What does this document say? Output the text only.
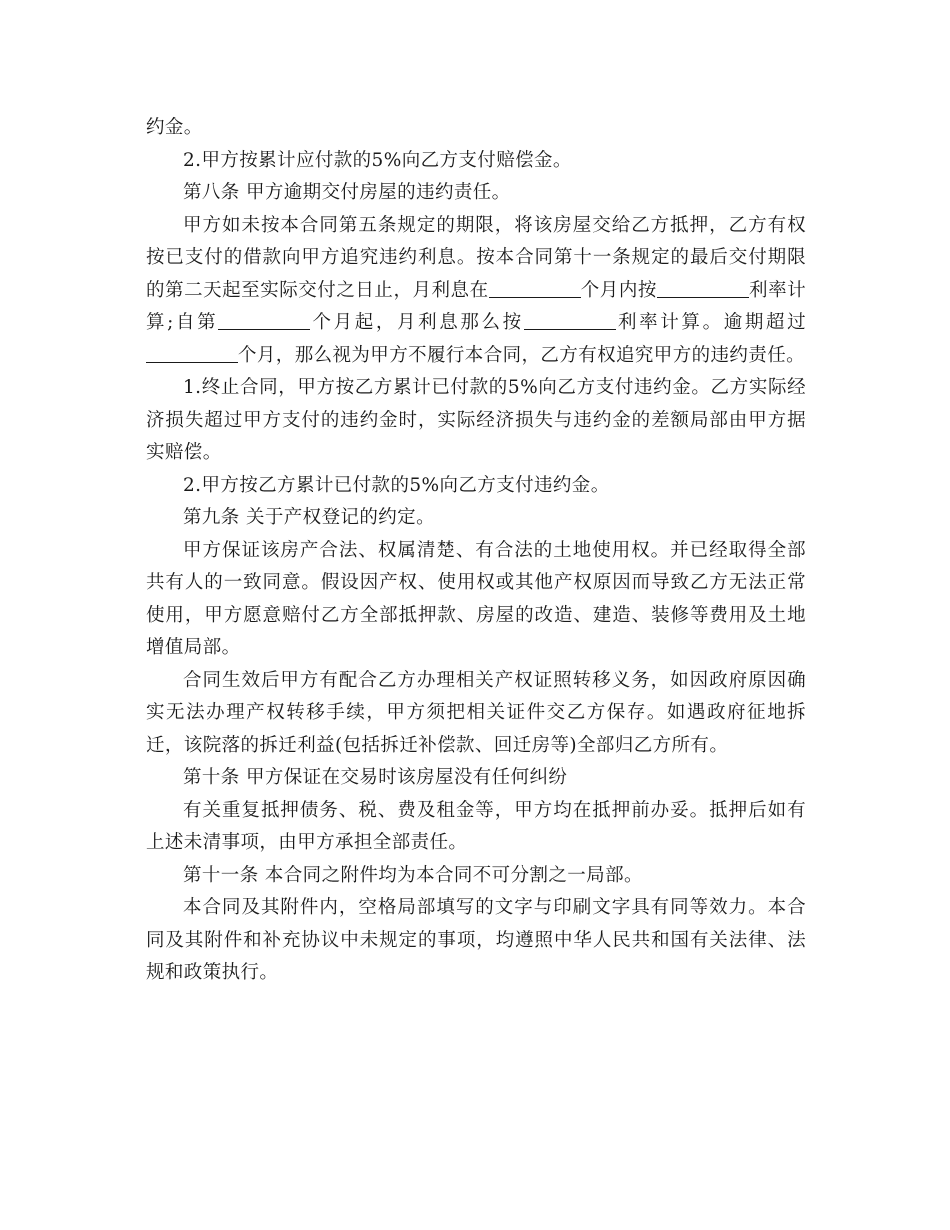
约金。

2.甲方按累计应付款的5%向乙方支付赔偿金。

第八条 甲方逾期交付房屋的违约责任。

甲方如未按本合同第五条规定的期限，将该房屋交给乙方抵押，乙方有权按已支付的借款向甲方追究违约利息。按本合同第十一条规定的最后交付期限的第二天起至实际交付之日止，月利息在	个月内按	利率计算;自第	个月起，月利息那么按	利率计算。逾期超过个月，那么视为甲方不履行本合同，乙方有权追究甲方的违约责任。

1.终止合同，甲方按乙方累计已付款的5%向乙方支付违约金。乙方实际经济损失超过甲方支付的违约金时，实际经济损失与违约金的差额局部由甲方据实赔偿。

2.甲方按乙方累计已付款的5%向乙方支付违约金。

第九条 关于产权登记的约定。

甲方保证该房产合法、权属清楚、有合法的土地使用权。并已经取得全部共有人的一致同意。假设因产权、使用权或其他产权原因而导致乙方无法正常使用，甲方愿意赔付乙方全部抵押款、房屋的改造、建造、装修等费用及土地增值局部。

合同生效后甲方有配合乙方办理相关产权证照转移义务，如因政府原因确实无法办理产权转移手续，甲方须把相关证件交乙方保存。如遇政府征地拆迁，该院落的拆迁利益(包括拆迁补偿款、回迁房等)全部归乙方所有。

第十条 甲方保证在交易时该房屋没有任何纠纷

有关重复抵押债务、税、费及租金等，甲方均在抵押前办妥。抵押后如有上述未清事项，由甲方承担全部责任。

第十一条 本合同之附件均为本合同不可分割之一局部。

本合同及其附件内，空格局部填写的文字与印刷文字具有同等效力。本合同及其附件和补充协议中未规定的事项，均遵照中华人民共和国有关法律、法规和政策执行。
